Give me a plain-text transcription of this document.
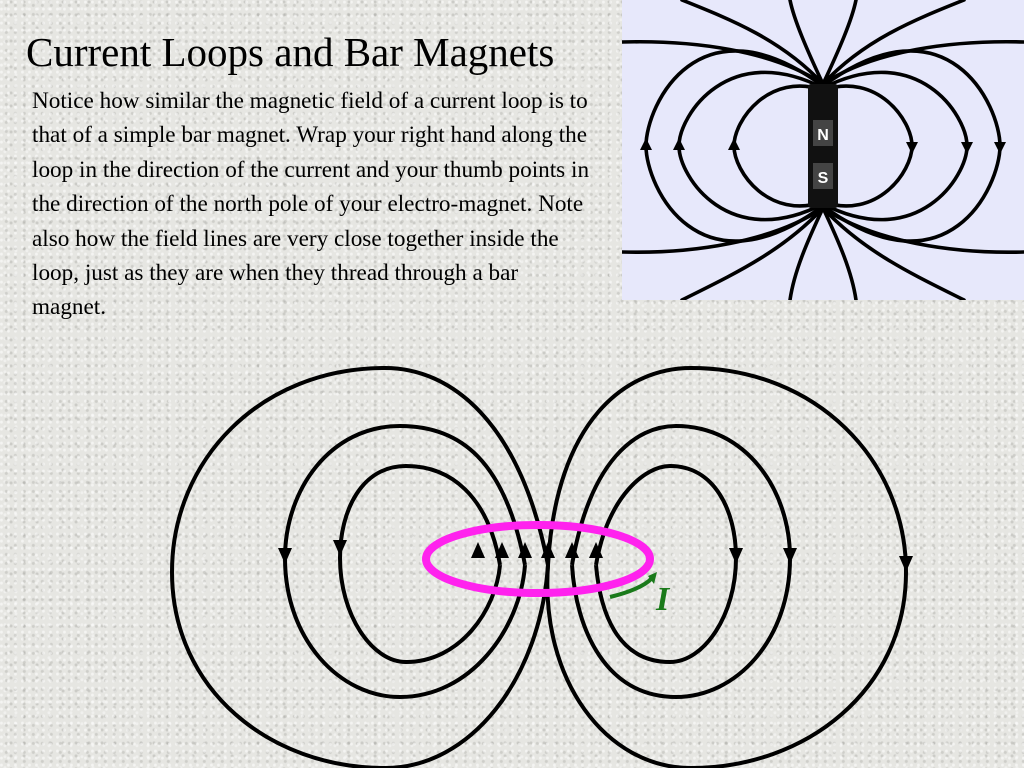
Current Loops and Bar Magnets

Notice how similar the magnetic field of a current loop is to that of a simple bar magnet. Wrap your right hand along the loop in the direction of the current and your thumb points in the direction of the north pole of your electro-magnet. Note also how the field lines are very close together inside the loop, just as they are when they thread through a bar magnet.

N
S
I
